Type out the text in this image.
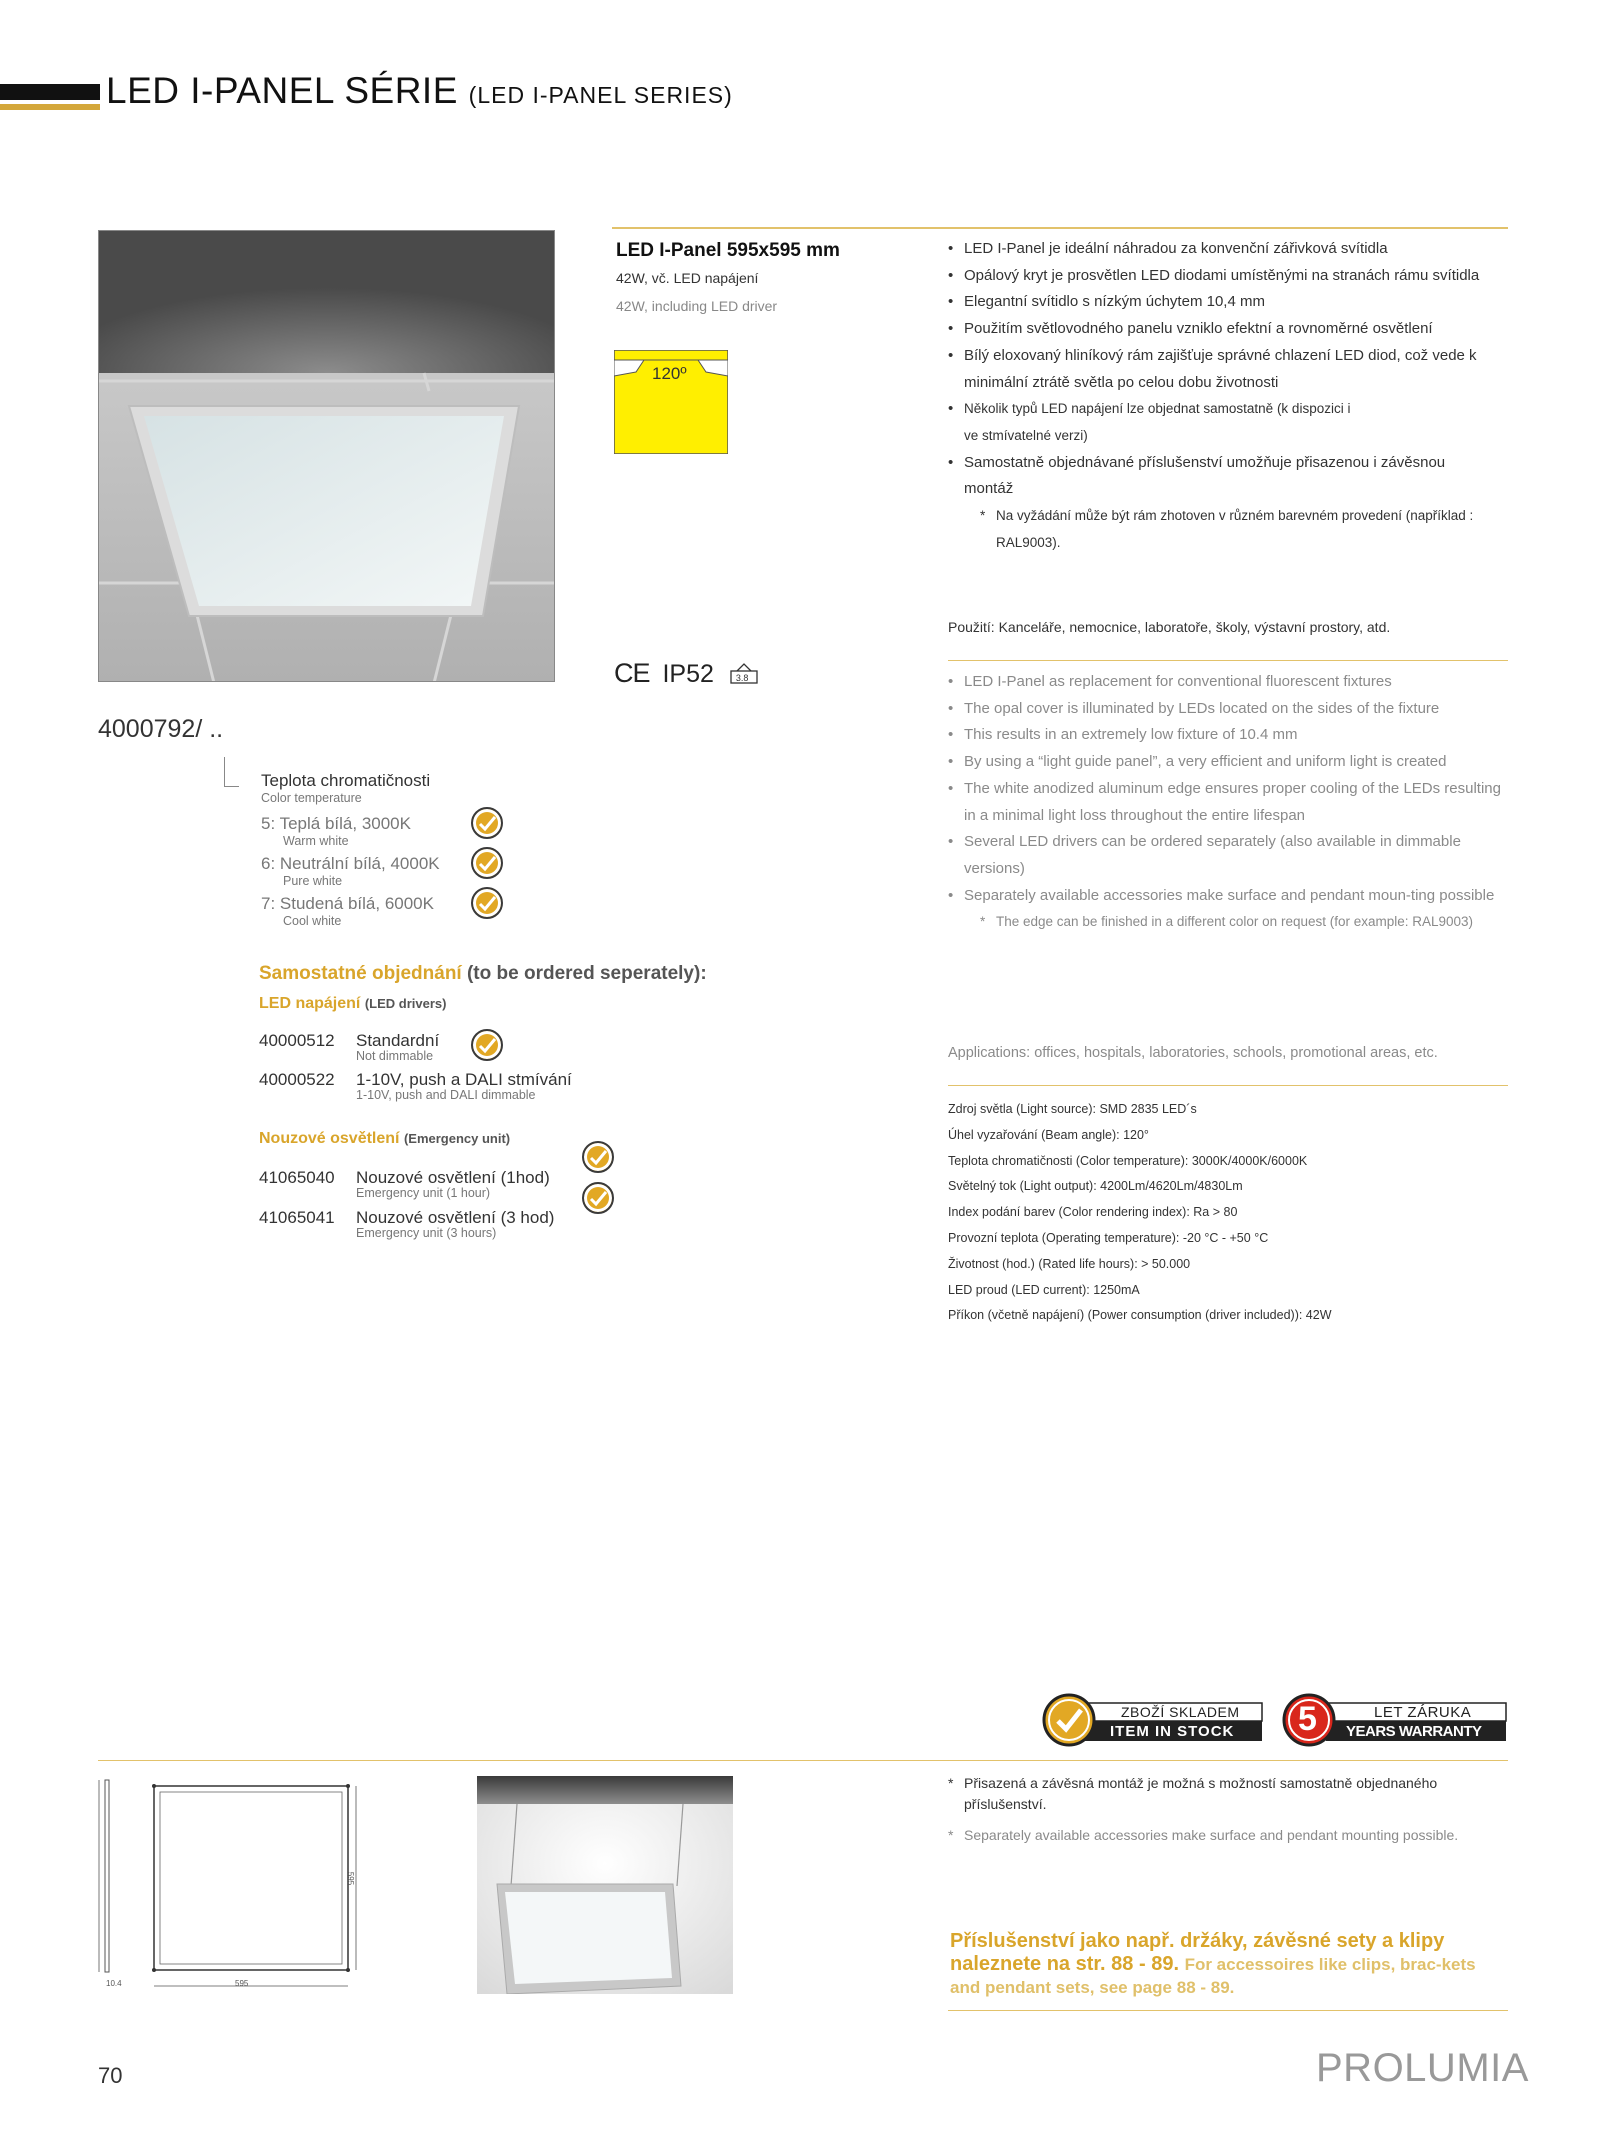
LED I-PANEL SÉRIE (LED I-PANEL SERIES)
LED I-Panel 595x595 mm
42W, vč. LED napájení
42W, including LED driver
120º
CE IP52 3.8
• LED I-Panel je ideální náhradou za konvenční zářivková svítidla
• Opálový kryt je prosvětlen LED diodami umístěnými na stranách rámu svítidla
• Elegantní svítidlo s nízkým úchytem 10,4 mm
• Použitím světlovodného panelu vzniklo efektní a rovnoměrné osvětlení
• Bílý eloxovaný hliníkový rám zajišťuje správné chlazení LED diod, což vede k minimální ztrátě světla po celou dobu životnosti
• Několik typů LED napájení lze objednat samostatně (k dispozici i ve stmívatelné verzi)
• Samostatně objednávané příslušenství umožňuje přisazenou i závěsnou montáž
* Na vyžádání může být rám zhotoven v různém barevném provedení (například : RAL9003).
Použití: Kanceláře, nemocnice, laboratoře, školy, výstavní prostory, atd.
• LED I-Panel as replacement for conventional fluorescent fixtures
• The opal cover is illuminated by LEDs located on the sides of the fixture
• This results in an extremely low fixture of 10.4 mm
• By using a “light guide panel”, a very efficient and uniform light is created
• The white anodized aluminum edge ensures proper cooling of the LEDs resulting in a minimal light loss throughout the entire lifespan
• Several LED drivers can be ordered separately (also available in dimmable versions)
• Separately available accessories make surface and pendant moun-ting possible
* The edge can be finished in a different color on request (for example: RAL9003)
Applications: offices, hospitals, laboratories, schools, promotional areas, etc.
Zdroj světla (Light source): SMD 2835 LED´s
Úhel vyzařování (Beam angle): 120°
Teplota chromatičnosti (Color temperature): 3000K/4000K/6000K
Světelný tok (Light output): 4200Lm/4620Lm/4830Lm
Index podání barev (Color rendering index): Ra > 80
Provozní teplota (Operating temperature): -20 °C - +50 °C
Životnost (hod.) (Rated life hours): > 50.000
LED proud (LED current): 1250mA
Příkon (včetně napájení) (Power consumption (driver included)): 42W
4000792/ ..
Teplota chromatičnosti
Color temperature
5: Teplá bílá, 3000K
Warm white
6: Neutrální bílá, 4000K
Pure white
7: Studená bílá, 6000K
Cool white
Samostatné objednání (to be ordered seperately):
LED napájení (LED drivers)
40000512 Standardní
Not dimmable
40000522 1-10V, push a DALI stmívání
1-10V, push and DALI dimmable
Nouzové osvětlení (Emergency unit)
41065040 Nouzové osvětlení (1hod)
Emergency unit (1 hour)
41065041 Nouzové osvětlení (3 hod)
Emergency unit (3 hours)
ZBOŽÍ SKLADEM
ITEM IN STOCK 5	LET ZÁRUKA
YEARS WARRANTY
595
595
10.4
* Přisazená a závěsná montáž je možná s možností samostatně objednaného příslušenství.
* Separately available accessories make surface and pendant mounting possible.
Příslušenství jako např. držáky, závěsné sety a klipy naleznete na str. 88 - 89. For accessoires like clips, brac-kets and pendant sets, see page 88 - 89.
70	PROLUMIA
